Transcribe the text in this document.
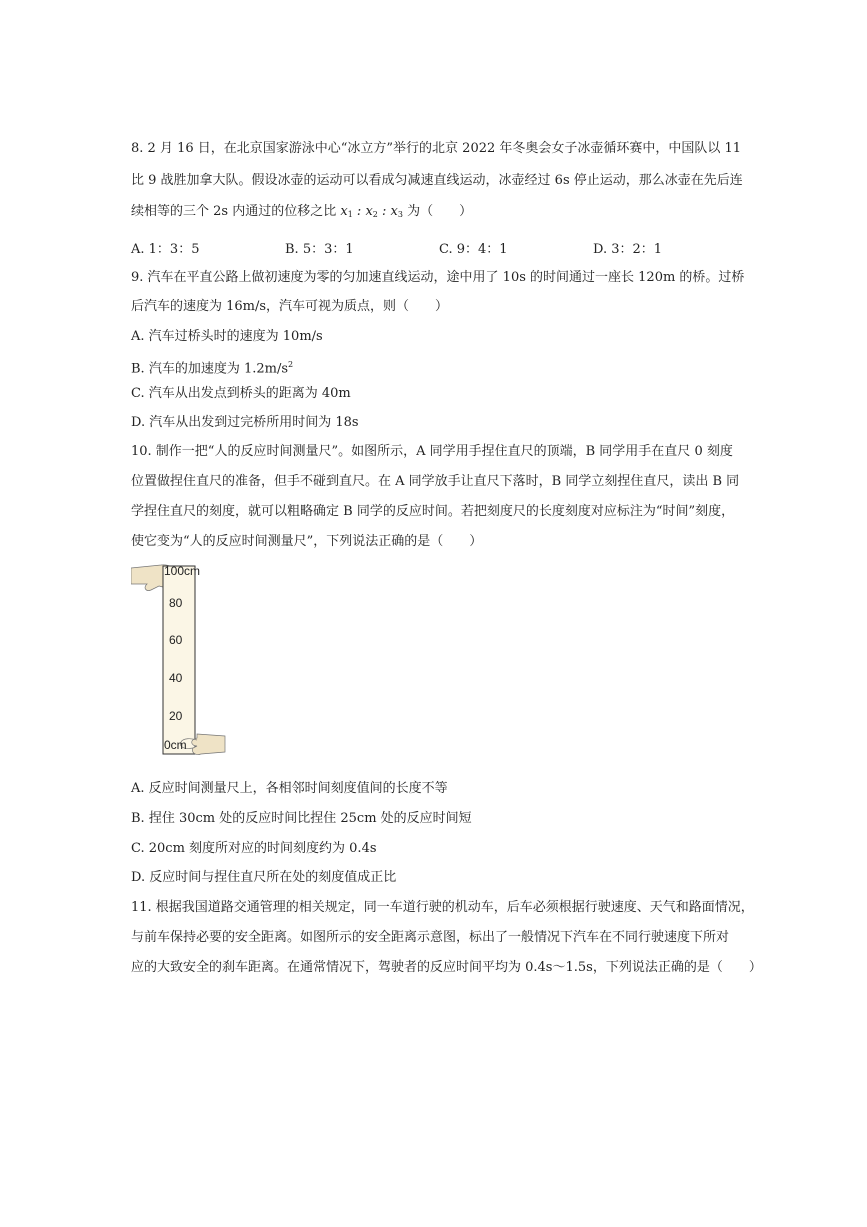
8. 2 月 16 日，在北京国家游泳中心“冰立方”举行的北京 2022 年冬奥会女子冰壶循环赛中，中国队以 11
比 9 战胜加拿大队。假设冰壶的运动可以看成匀减速直线运动，冰壶经过 6s 停止运动，那么冰壶在先后连
续相等的三个 2s 内通过的位移之比 $x_1$ : $x_2$ : $x_3$ 为（　　）
A. 1：3：5	B. 5：3：1	C. 9：4：1	D. 3：2：1
9. 汽车在平直公路上做初速度为零的匀加速直线运动，途中用了 10s 的时间通过一座长 120m 的桥。过桥
后汽车的速度为 16m/s，汽车可视为质点，则（　　）
A. 汽车过桥头时的速度为 10m/s
B. 汽车的加速度为 $1.2m/s^2$
C. 汽车从出发点到桥头的距离为 40m
D. 汽车从出发到过完桥所用时间为 18s
10. 制作一把“人的反应时间测量尺”。如图所示，A 同学用手捏住直尺的顶端，B 同学用手在直尺 0 刻度
位置做捏住直尺的准备，但手不碰到直尺。在 A 同学放手让直尺下落时，B 同学立刻捏住直尺，读出 B 同
学捏住直尺的刻度，就可以粗略确定 B 同学的反应时间。若把刻度尺的长度刻度对应标注为“时间”刻度，
使它变为“人的反应时间测量尺”，下列说法正确的是（　　）
100cm
80
60
40
20
0cm
A. 反应时间测量尺上，各相邻时间刻度值间的长度不等
B. 捏住 30cm 处的反应时间比捏住 25cm 处的反应时间短
C. 20cm 刻度所对应的时间刻度约为 0.4s
D. 反应时间与捏住直尺所在处的刻度值成正比
11. 根据我国道路交通管理的相关规定，同一车道行驶的机动车，后车必须根据行驶速度、天气和路面情况，
与前车保持必要的安全距离。如图所示的安全距离示意图，标出了一般情况下汽车在不同行驶速度下所对
应的大致安全的刹车距离。在通常情况下，驾驶者的反应时间平均为 0.4s～1.5s，下列说法正确的是（　　）
